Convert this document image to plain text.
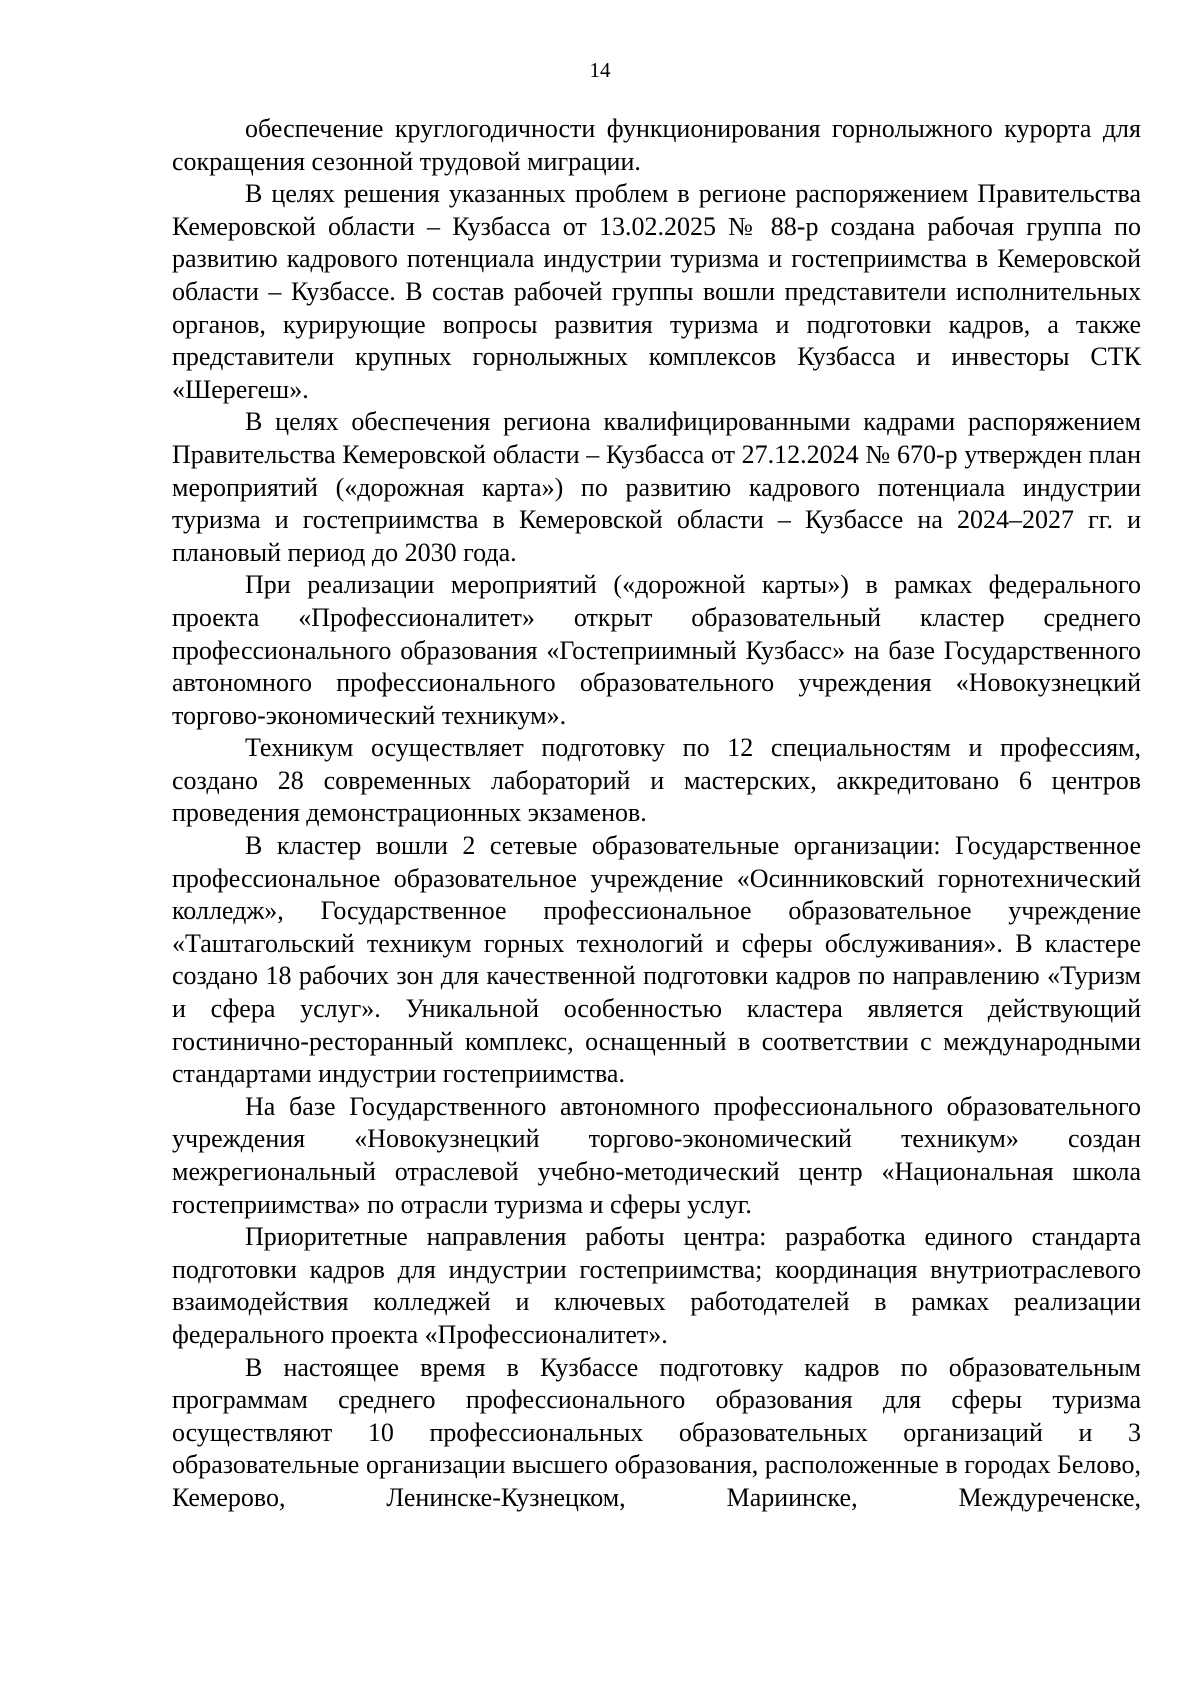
14

обеспечение круглогодичности функционирования горнолыжного курорта для сокращения сезонной трудовой миграции.

В целях решения указанных проблем в регионе распоряжением Правительства Кемеровской области – Кузбасса от 13.02.2025 № 88-р создана рабочая группа по развитию кадрового потенциала индустрии туризма и гостеприимства в Кемеровской области – Кузбассе. В состав рабочей группы вошли представители исполнительных органов, курирующие вопросы развития туризма и подготовки кадров, а также представители крупных горнолыжных комплексов Кузбасса и инвесторы СТК «Шерегеш».

В целях обеспечения региона квалифицированными кадрами распоряжением Правительства Кемеровской области – Кузбасса от 27.12.2024 № 670-р утвержден план мероприятий («дорожная карта») по развитию кадрового потенциала индустрии туризма и гостеприимства в Кемеровской области – Кузбассе на 2024–2027 гг. и плановый период до 2030 года.

При реализации мероприятий («дорожной карты») в рамках федерального проекта «Профессионалитет» открыт образовательный кластер среднего профессионального образования «Гостеприимный Кузбасс» на базе Государственного автономного профессионального образовательного учреждения «Новокузнецкий торгово-экономический техникум».

Техникум осуществляет подготовку по 12 специальностям и профессиям, создано 28 современных лабораторий и мастерских, аккредитовано 6 центров проведения демонстрационных экзаменов.

В кластер вошли 2 сетевые образовательные организации: Государственное профессиональное образовательное учреждение «Осинниковский горнотехнический колледж», Государственное профессиональное образовательное учреждение «Таштагольский техникум горных технологий и сферы обслуживания». В кластере создано 18 рабочих зон для качественной подготовки кадров по направлению «Туризм и сфера услуг». Уникальной особенностью кластера является действующий гостинично-ресторанный комплекс, оснащенный в соответствии с международными стандартами индустрии гостеприимства.

На базе Государственного автономного профессионального образовательного учреждения «Новокузнецкий торгово-экономический техникум» создан межрегиональный отраслевой учебно-методический центр «Национальная школа гостеприимства» по отрасли туризма и сферы услуг.

Приоритетные направления работы центра: разработка единого стандарта подготовки кадров для индустрии гостеприимства; координация внутриотраслевого взаимодействия колледжей и ключевых работодателей в рамках реализации федерального проекта «Профессионалитет».

В настоящее время в Кузбассе подготовку кадров по образовательным программам среднего профессионального образования для сферы туризма осуществляют 10 профессиональных образовательных организаций и 3 образовательные организации высшего образования, расположенные в городах Белово, Кемерово, Ленинске-Кузнецком, Мариинске, Междуреченске,
